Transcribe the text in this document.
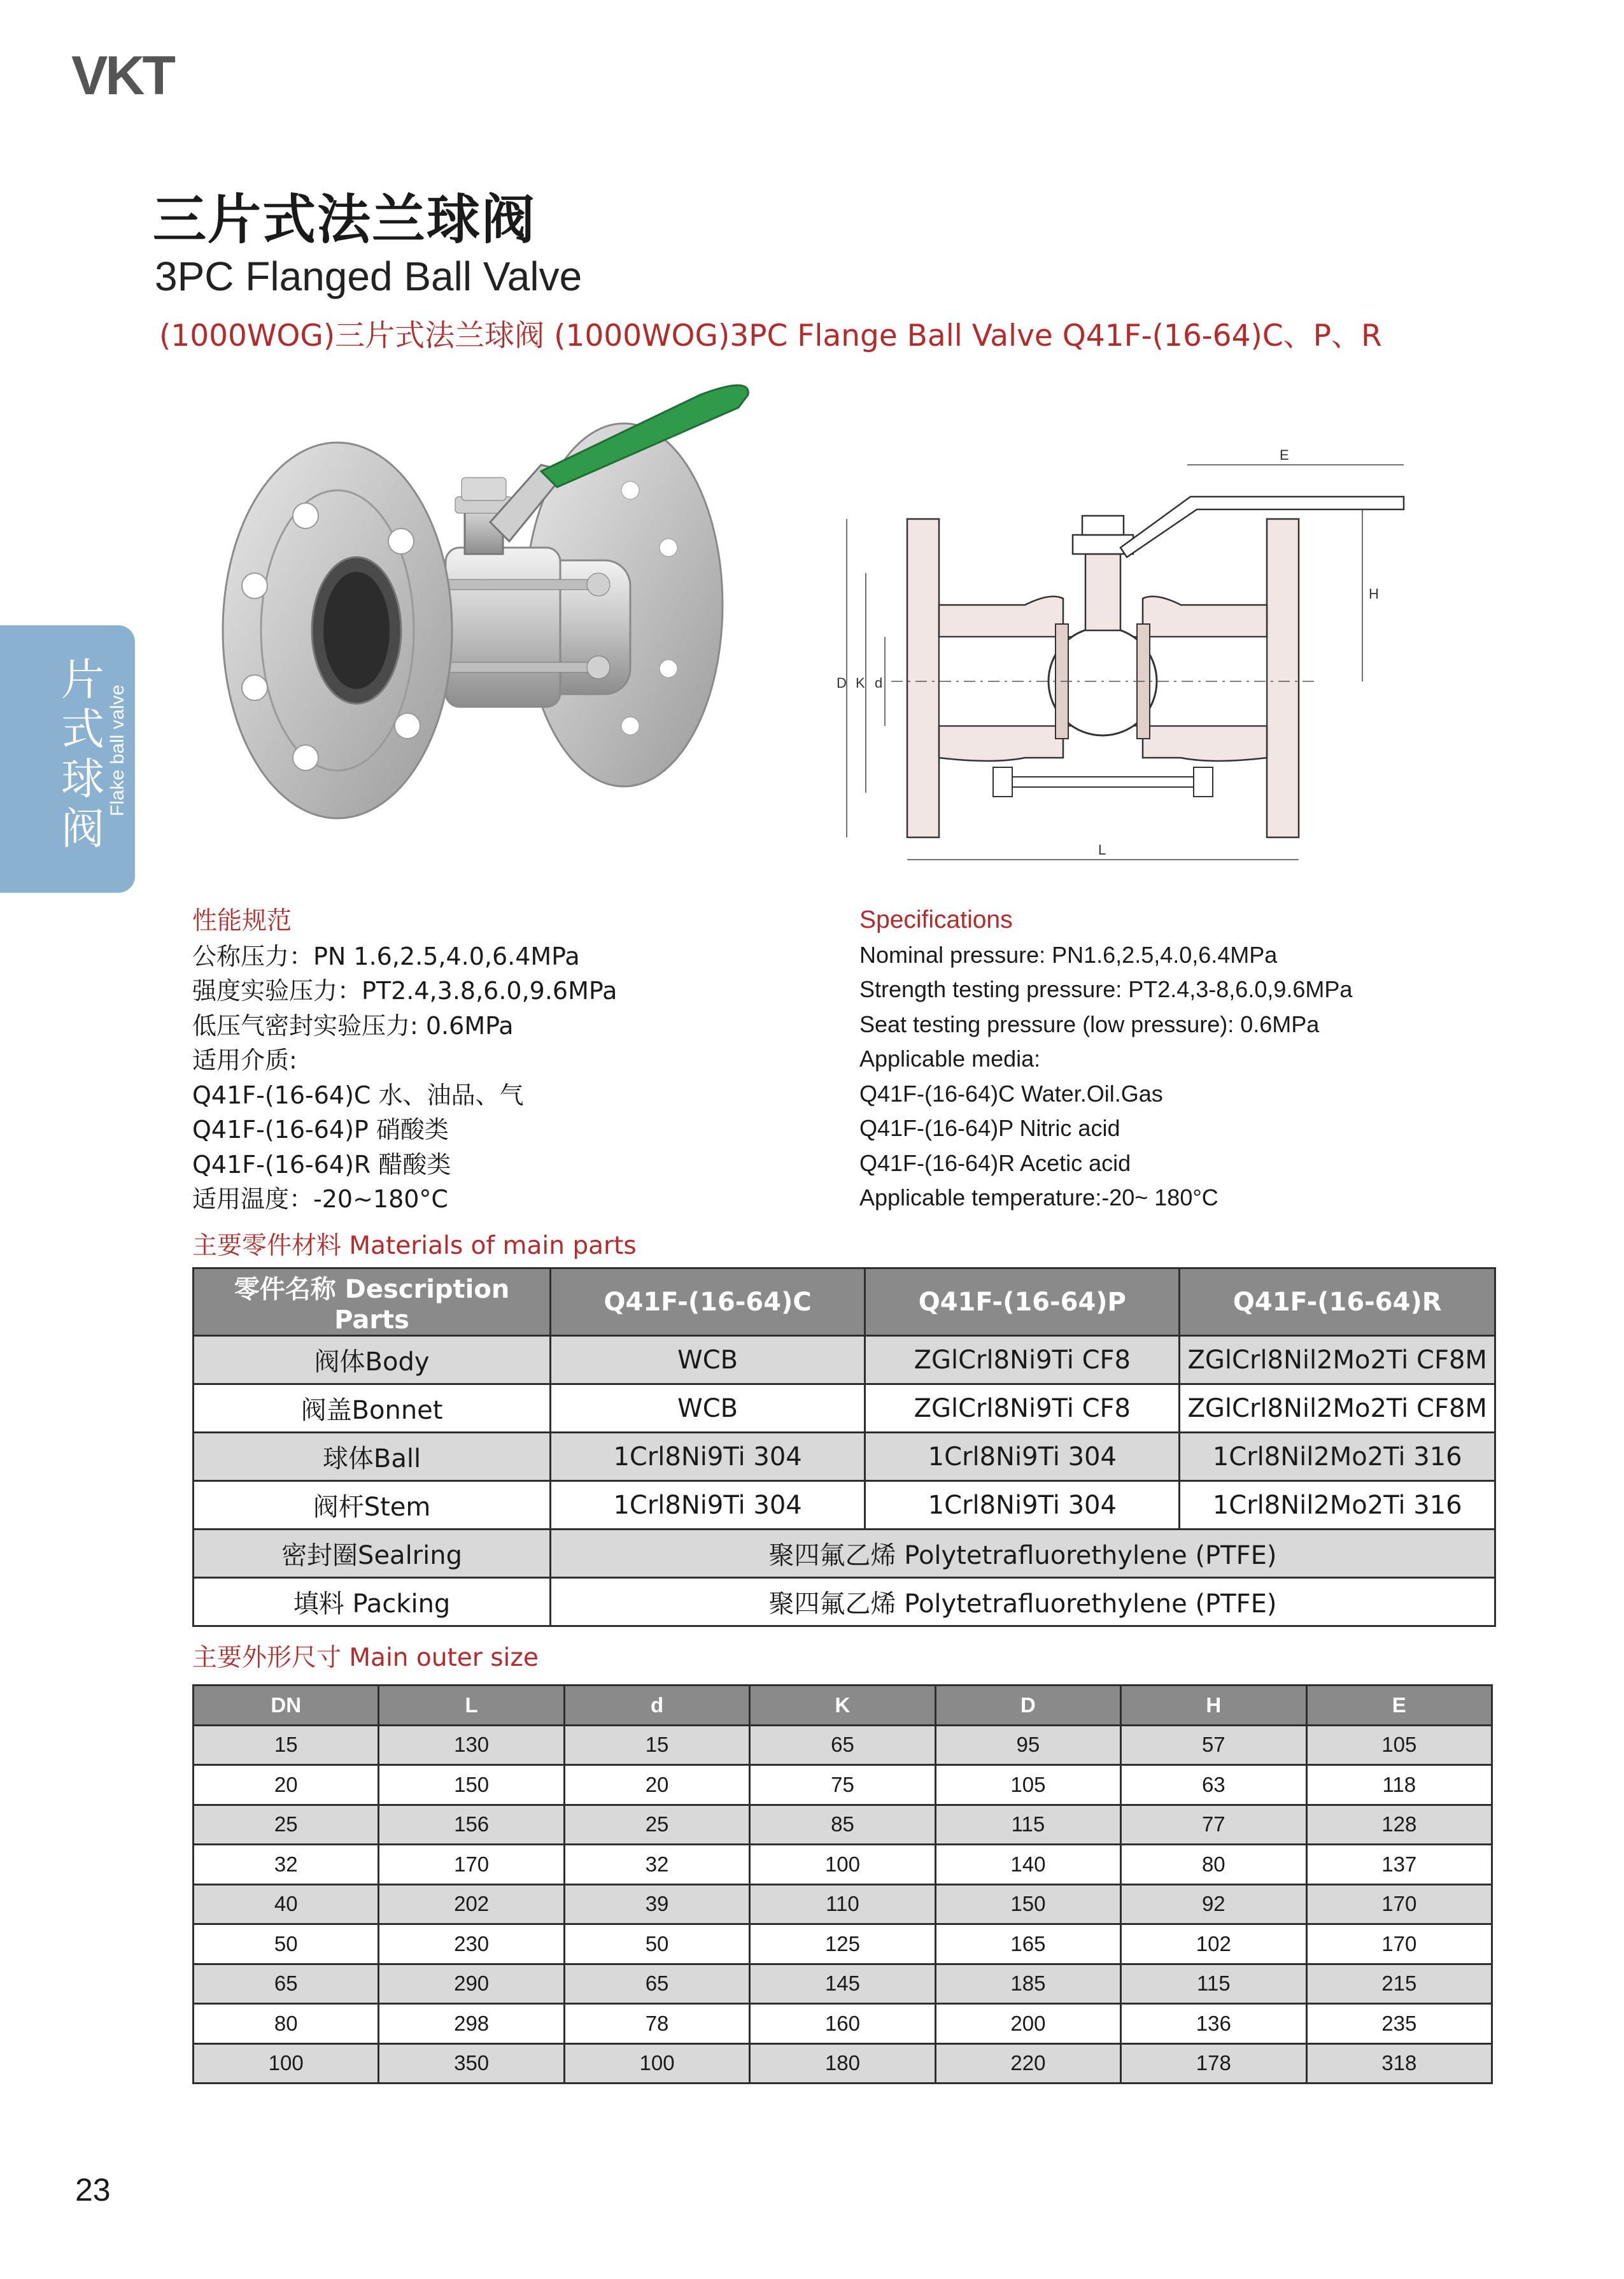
VKT
三片式法兰球阀
3PC Flanged Ball Valve
(1000WOG)三片式法兰球阀 (1000WOG)3PC Flange Ball Valve Q41F-(16-64)C、P、R
片式球阀
Flake ball valve
E
H
D K d
L
性能规范
公称压力：PN 1.6,2.5,4.0,6.4MPa
强度实验压力：PT2.4,3.8,6.0,9.6MPa
低压气密封实验压力: 0.6MPa
适用介质:
Q41F-(16-64)C 水、油品、气
Q41F-(16-64)P 硝酸类
Q41F-(16-64)R 醋酸类
适用温度：-20~180°C
Specifications
Nominal pressure: PN1.6,2.5,4.0,6.4MPa
Strength testing pressure: PT2.4,3-8,6.0,9.6MPa
Seat testing pressure (low pressure): 0.6MPa
Applicable media:
Q41F-(16-64)C Water.Oil.Gas
Q41F-(16-64)P Nitric acid
Q41F-(16-64)R Acetic acid
Applicable temperature:-20~ 180°C
主要零件材料 Materials of main parts
零件名称 Description Parts	Q41F-(16-64)C	Q41F-(16-64)P	Q41F-(16-64)R
阀体Body	WCB	ZGlCrl8Ni9Ti CF8	ZGlCrl8Nil2Mo2Ti CF8M
阀盖Bonnet	WCB	ZGlCrl8Ni9Ti CF8	ZGlCrl8Nil2Mo2Ti CF8M
球体Ball	1Crl8Ni9Ti 304	1Crl8Ni9Ti 304	1Crl8Nil2Mo2Ti 316
阀杆Stem	1Crl8Ni9Ti 304	1Crl8Ni9Ti 304	1Crl8Nil2Mo2Ti 316
密封圈Sealring	聚四氟乙烯 Polytetrafluorethylene (PTFE)		
填料 Packing	聚四氟乙烯 Polytetrafluorethylene (PTFE)		
主要外形尺寸 Main outer size
DN	L	d	K	D	H	E
15	130	15	65	95	57	105
20	150	20	75	105	63	118
25	156	25	85	115	77	128
32	170	32	100	140	80	137
40	202	39	110	150	92	170
50	230	50	125	165	102	170
65	290	65	145	185	115	215
80	298	78	160	200	136	235
100	350	100	180	220	178	318
23
